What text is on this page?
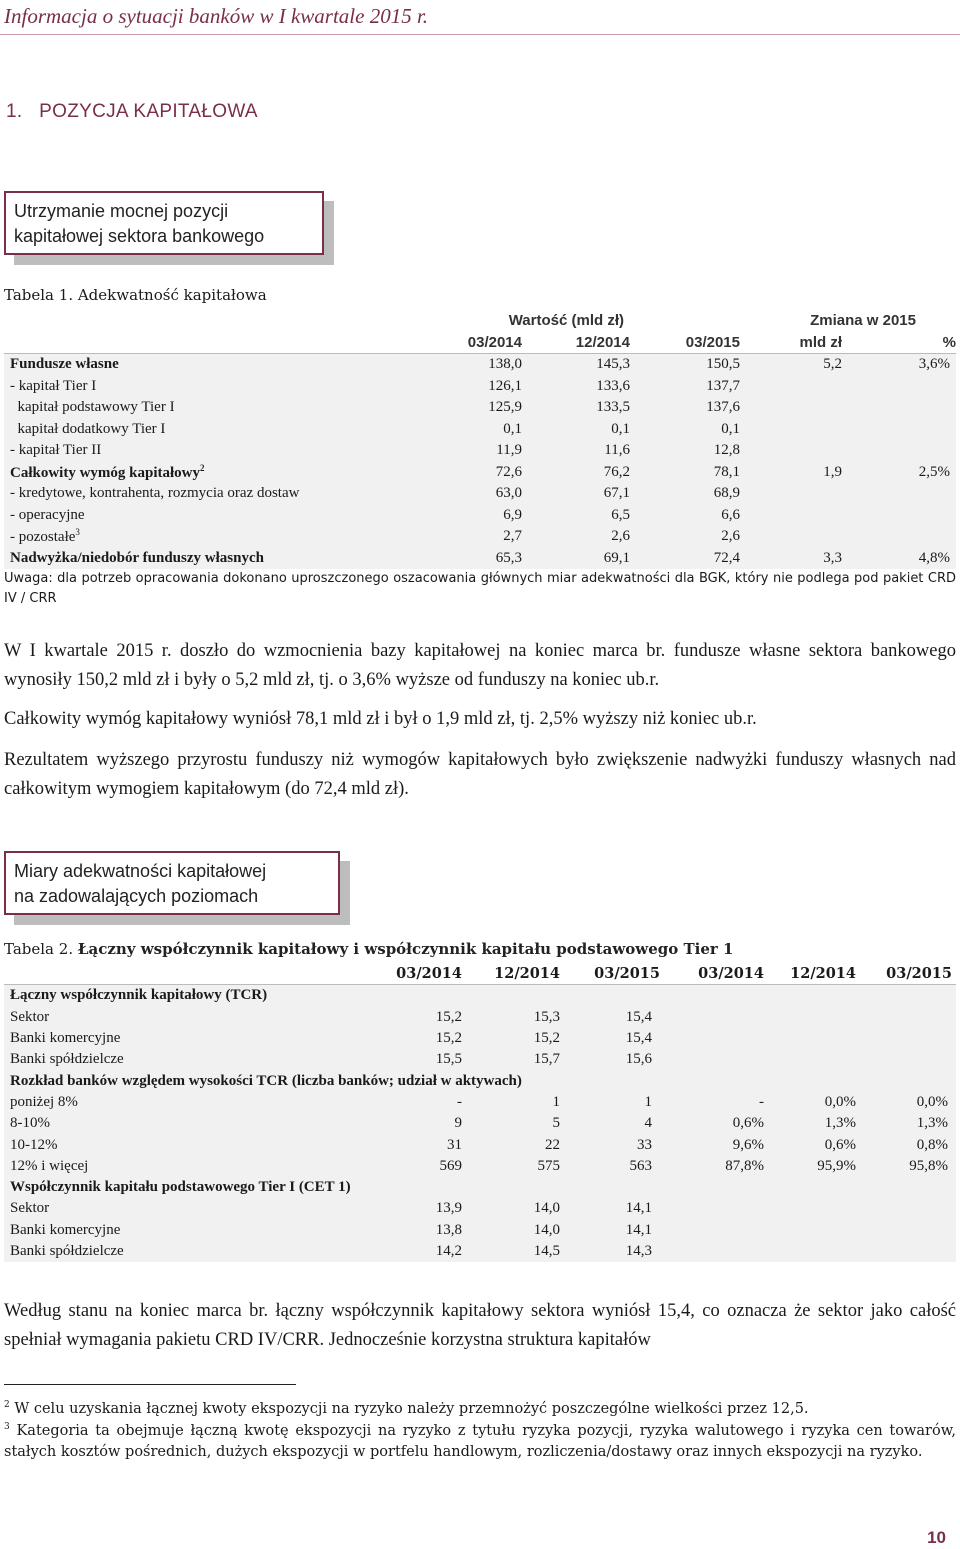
Informacja o sytuacji banków w I kwartale 2015 r.
1.   POZYCJA KAPITAŁOWA
Utrzymanie mocnej pozycji
kapitałowej sektora bankowego
Tabela 1. Adekwatność kapitałowa
	Wartość (mld zł)			Zmiana w 2015	
	03/2014	12/2014	03/2015	mld zł	%
Fundusze własne	138,0	145,3	150,5	5,2	3,6%
- kapitał Tier I	126,1	133,6	137,7		
kapitał podstawowy Tier I	125,9	133,5	137,6		
kapitał dodatkowy Tier I	0,1	0,1	0,1		
- kapitał Tier II	11,9	11,6	12,8		
Całkowity wymóg kapitałowy$^2$	72,6	76,2	78,1	1,9	2,5%
- kredytowe, kontrahenta, rozmycia oraz dostaw	63,0	67,1	68,9		
- operacyjne	6,9	6,5	6,6		
- pozostałe$^3$	2,7	2,6	2,6		
Nadwyżka/niedobór funduszy własnych	65,3	69,1	72,4	3,3	4,8%
Uwaga: dla potrzeb opracowania dokonano uproszczonego oszacowania głównych miar adekwatności dla BGK, który nie podlega pod pakiet CRD IV / CRR
W I kwartale 2015 r. doszło do wzmocnienia bazy kapitałowej na koniec marca br. fundusze własne sektora bankowego wynosiły 150,2 mld zł i były o 5,2 mld zł, tj. o 3,6% wyższe od funduszy na koniec ub.r.
Całkowity wymóg kapitałowy wyniósł 78,1 mld zł i był o 1,9 mld zł, tj. 2,5% wyższy niż koniec ub.r.
Rezultatem wyższego przyrostu funduszy niż wymogów kapitałowych było zwiększenie nadwyżki funduszy własnych nad całkowitym wymogiem kapitałowym (do 72,4 mld zł).
Miary adekwatności kapitałowej
na zadowalających poziomach
Tabela 2. Łączny współczynnik kapitałowy i współczynnik kapitału podstawowego Tier 1
	03/2014	12/2014	03/2015	03/2014	12/2014	03/2015
Łączny współczynnik kapitałowy (TCR)						
Sektor	15,2	15,3	15,4			
Banki komercyjne	15,2	15,2	15,4			
Banki spółdzielcze	15,5	15,7	15,6			
Rozkład banków względem wysokości TCR (liczba banków; udział w aktywach)						
poniżej 8%	-	1	1	-	0,0%	0,0%
8-10%	9	5	4	0,6%	1,3%	1,3%
10-12%	31	22	33	9,6%	0,6%	0,8%
12% i więcej	569	575	563	87,8%	95,9%	95,8%
Współczynnik kapitału podstawowego Tier I (CET 1)						
Sektor	13,9	14,0	14,1			
Banki komercyjne	13,8	14,0	14,1			
Banki spółdzielcze	14,2	14,5	14,3			
Według stanu na koniec marca br. łączny współczynnik kapitałowy sektora wyniósł 15,4, co oznacza że sektor jako całość spełniał wymagania pakietu CRD IV/CRR. Jednocześnie korzystna struktura kapitałów
$^2$ W celu uzyskania łącznej kwoty ekspozycji na ryzyko należy przemnożyć poszczególne wielkości przez 12,5.
$^3$ Kategoria ta obejmuje łączną kwotę ekspozycji na ryzyko z tytułu ryzyka pozycji, ryzyka walutowego i ryzyka cen towarów, stałych kosztów pośrednich, dużych ekspozycji w portfelu handlowym, rozliczenia/dostawy oraz innych ekspozycji na ryzyko.
10
